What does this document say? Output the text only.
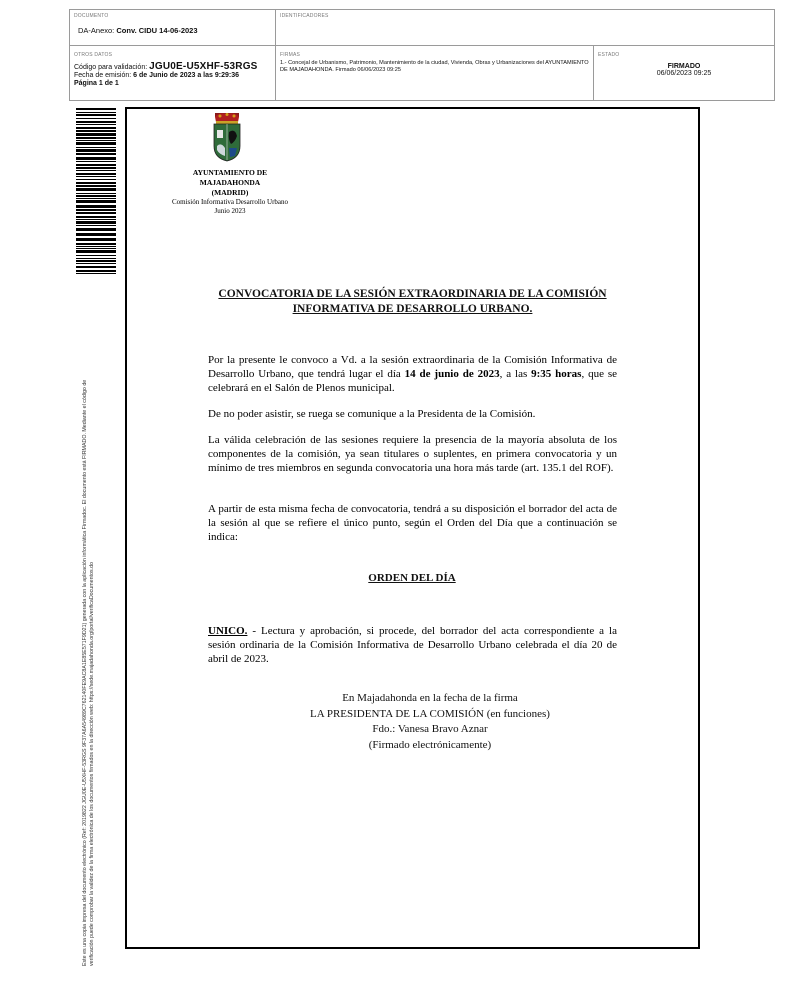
DOCUMENTO
DA-Anexo: Conv. CIDU 14-06-2023
IDENTIFICADORES
OTROS DATOS
Código para validación: JGU0E-U5XHF-53RGS
Fecha de emisión: 6 de Junio de 2023 a las 9:29:36
Página 1 de 1
FIRMAS
1.- Concejal de Urbanismo, Patrimonio, Mantenimiento de la ciudad, Vivienda, Obras y Urbanizaciones del AYUNTAMIENTO DE MAJADAHONDA. Firmado 06/06/2023 09:25
ESTADO
FIRMADO
06/06/2023 09:25
Este es una copia impresa del documento electrónico (Ref: 2019822 JGU0E-U5XHF-53RGS 9F37A6A54989C762140FE9AC8A1E85E571F9D21) generada con la aplicación informática Firmadoc. El documento está FIRMADO. Mediante el código de verificación puede comprobar la validez de la firma electrónica de los documentos firmados en la dirección web: https://sede.majadahonda.org/portal/verificaDocumentos.do
AYUNTAMIENTO DE
MAJADAHONDA
(MADRID)
Comisión Informativa Desarrollo Urbano
Junio 2023
CONVOCATORIA DE LA SESIÓN EXTRAORDINARIA DE LA COMISIÓN INFORMATIVA DE DESARROLLO URBANO.
Por la presente le convoco a Vd. a la sesión extraordinaria de la Comisión Informativa de Desarrollo Urbano, que tendrá lugar el día 14 de junio de 2023, a las 9:35 horas, que se celebrará en el Salón de Plenos municipal.
De no poder asistir, se ruega se comunique a la Presidenta de la Comisión.
La válida celebración de las sesiones requiere la presencia de la mayoría absoluta de los componentes de la comisión, ya sean titulares o suplentes, en primera convocatoria y un mínimo de tres miembros en segunda convocatoria una hora más tarde (art. 135.1 del ROF).
A partir de esta misma fecha de convocatoria, tendrá a su disposición el borrador del acta de la sesión al que se refiere el único punto, según el Orden del Día que a continuación se indica:
ORDEN DEL DÍA
UNICO. - Lectura y aprobación, si procede, del borrador del acta correspondiente a la sesión ordinaria de la Comisión Informativa de Desarrollo Urbano celebrada el día 20 de abril de 2023.
En Majadahonda en la fecha de la firma
LA PRESIDENTA DE LA COMISIÓN (en funciones)
Fdo.: Vanesa Bravo Aznar
(Firmado electrónicamente)
